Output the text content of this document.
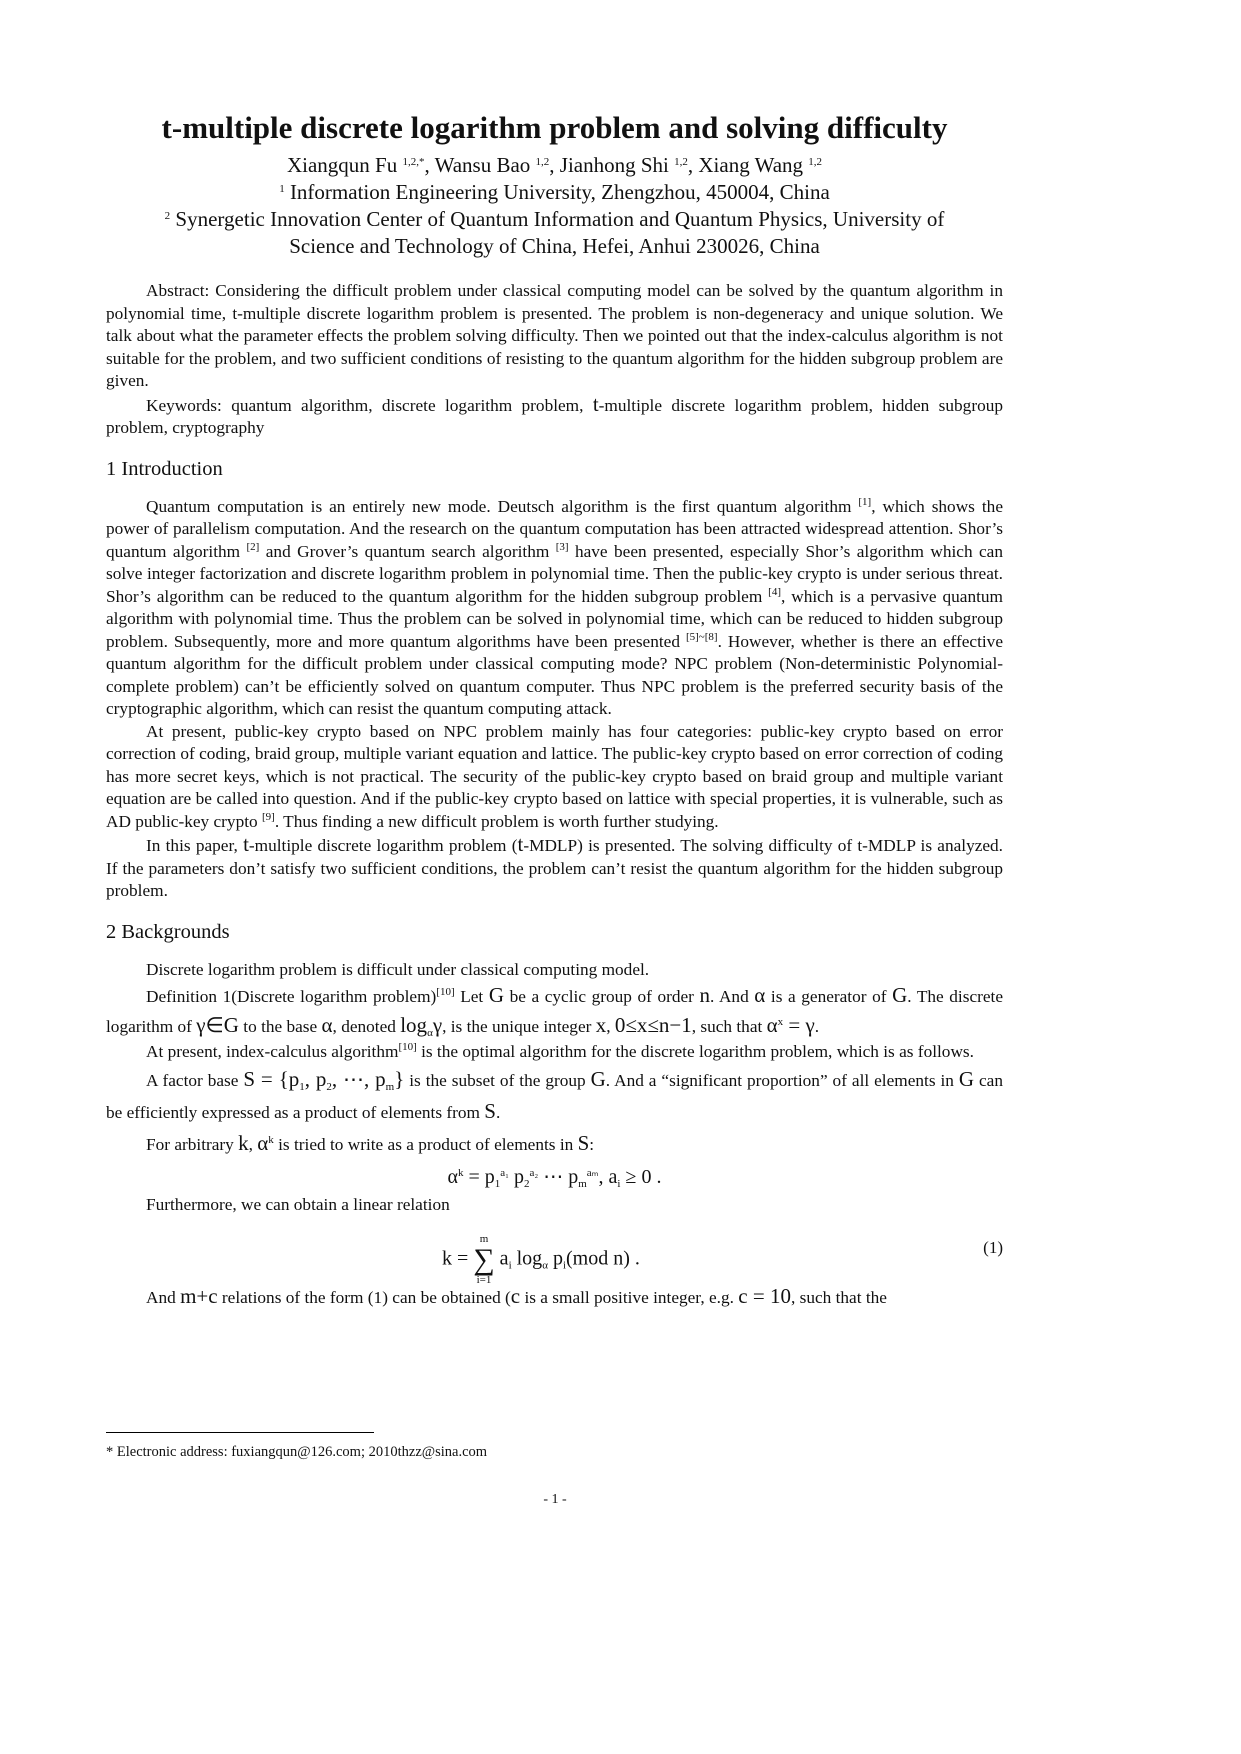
t-multiple discrete logarithm problem and solving difficulty
Xiangqun Fu $^{1,2,*}$, Wansu Bao $^{1,2}$, Jianhong Shi $^{1,2}$, Xiang Wang $^{1,2}$
$^1$ Information Engineering University, Zhengzhou, 450004, China
$^2$ Synergetic Innovation Center of Quantum Information and Quantum Physics, University of Science and Technology of China, Hefei, Anhui 230026, China

Abstract: Considering the difficult problem under classical computing model can be solved by the quantum algorithm in polynomial time, t-multiple discrete logarithm problem is presented. The problem is non-degeneracy and unique solution. We talk about what the parameter effects the problem solving difficulty. Then we pointed out that the index-calculus algorithm is not suitable for the problem, and two sufficient conditions of resisting to the quantum algorithm for the hidden subgroup problem are given.

Keywords: quantum algorithm, discrete logarithm problem, t-multiple discrete logarithm problem, hidden subgroup problem, cryptography

1 Introduction

Quantum computation is an entirely new mode. Deutsch algorithm is the first quantum algorithm [1], which shows the power of parallelism computation. And the research on the quantum computation has been attracted widespread attention. Shor’s quantum algorithm [2] and Grover’s quantum search algorithm [3] have been presented, especially Shor’s algorithm which can solve integer factorization and discrete logarithm problem in polynomial time. Then the public-key crypto is under serious threat. Shor’s algorithm can be reduced to the quantum algorithm for the hidden subgroup problem [4], which is a pervasive quantum algorithm with polynomial time. Thus the problem can be solved in polynomial time, which can be reduced to hidden subgroup problem. Subsequently, more and more quantum algorithms have been presented [5]~[8]. However, whether is there an effective quantum algorithm for the difficult problem under classical computing mode? NPC problem (Non-deterministic Polynomial-complete problem) can’t be efficiently solved on quantum computer. Thus NPC problem is the preferred security basis of the cryptographic algorithm, which can resist the quantum computing attack.

At present, public-key crypto based on NPC problem mainly has four categories: public-key crypto based on error correction of coding, braid group, multiple variant equation and lattice. The public-key crypto based on error correction of coding has more secret keys, which is not practical. The security of the public-key crypto based on braid group and multiple variant equation are be called into question. And if the public-key crypto based on lattice with special properties, it is vulnerable, such as AD public-key crypto [9]. Thus finding a new difficult problem is worth further studying.

In this paper, t-multiple discrete logarithm problem (t-MDLP) is presented. The solving difficulty of t-MDLP is analyzed. If the parameters don’t satisfy two sufficient conditions, the problem can’t resist the quantum algorithm for the hidden subgroup problem.

2 Backgrounds

Discrete logarithm problem is difficult under classical computing model.

Definition 1(Discrete logarithm problem)[10] Let G be a cyclic group of order n. And α is a generator of G. The discrete logarithm of γ∈G to the base α, denoted $\log_\alpha\gamma$, is the unique integer x, 0≤x≤n−1, such that $\alpha^x = \gamma$.

At present, index-calculus algorithm[10] is the optimal algorithm for the discrete logarithm problem, which is as follows.

A factor base $S = \{p_1$, $p_2$, ⋯, $p_m$} is the subset of the group G. And a “significant proportion” of all elements in G can be efficiently expressed as a product of elements from S.

For arbitrary k, $\alpha^k$ is tried to write as a product of elements in S:

$\alpha^k = p_1^{a_1}$ $p_2^{a_2}$ ⋯ $p_m^{a_m}$, $a_i \ge 0$ .

Furthermore, we can obtain a linear relation

k =
m
∑
i=1
$a_i$ $\log_\alpha p_i(mod$ n) .
(1)

And m+c relations of the form (1) can be obtained (c is a small positive integer, e.g. c = 10, such that the

* Electronic address: fuxiangqun@126.com; 2010thzz@sina.com
- 1 -
